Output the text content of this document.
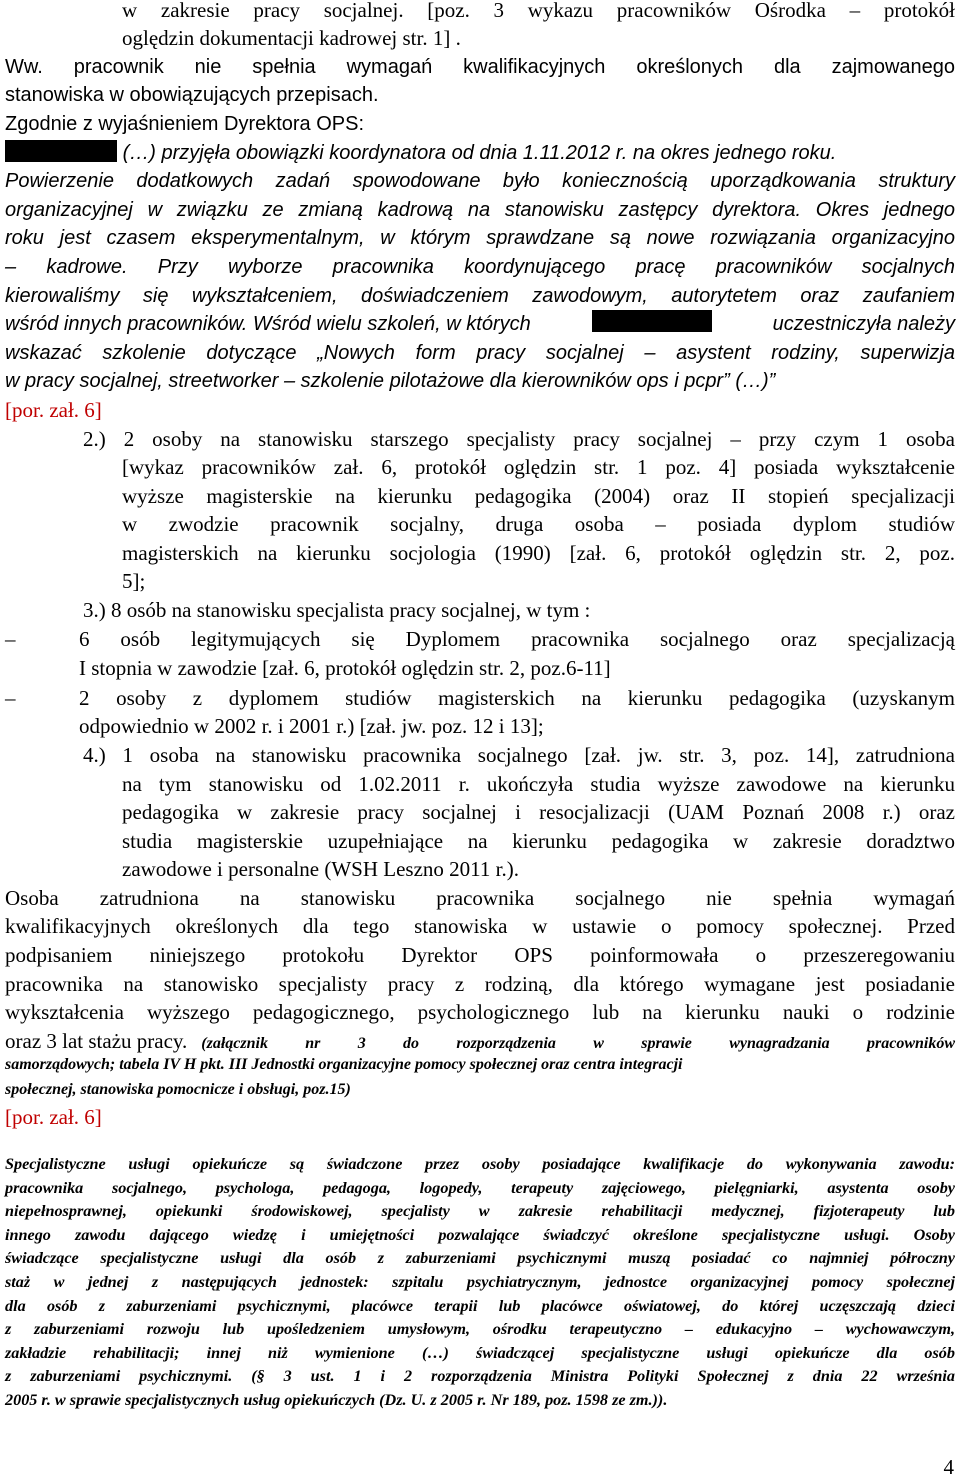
w zakresie pracy socjalnej. [poz. 3 wykazu pracowników Ośrodka – protokół
oględzin dokumentacji kadrowej str. 1] .
Ww. pracownik nie spełnia wymagań kwalifikacyjnych określonych dla zajmowanego
stanowiska w obowiązujących przepisach.
Zgodnie z wyjaśnieniem Dyrektora OPS:
(…) przyjęła obowiązki koordynatora od dnia 1.11.2012 r. na okres jednego roku.
Powierzenie dodatkowych zadań spowodowane było koniecznością uporządkowania struktury
organizacyjnej w związku ze zmianą kadrową na stanowisku zastępcy dyrektora. Okres jednego
roku jest czasem eksperymentalnym, w którym sprawdzane są nowe rozwiązania organizacyjno
– kadrowe. Przy wyborze pracownika koordynującego pracę pracowników socjalnych
kierowaliśmy się wykształceniem, doświadczeniem zawodowym, autorytetem oraz zaufaniem
wśród innych pracowników. Wśród wielu szkoleń, w których	uczestniczyła należy
wskazać szkolenie dotyczące „Nowych form pracy socjalnej – asystent rodziny, superwizja
w pracy socjalnej, streetworker – szkolenie pilotażowe dla kierowników ops i pcpr” (…)”
[por. zał. 6]
2.) 2 osoby na stanowisku starszego specjalisty pracy socjalnej – przy czym 1 osoba
[wykaz pracowników zał. 6, protokół oględzin str. 1 poz. 4] posiada wykształcenie
wyższe magisterskie na kierunku pedagogika (2004) oraz II stopień specjalizacji
w zwodzie pracownik socjalny, druga osoba – posiada dyplom studiów
magisterskich na kierunku socjologia (1990) [zał. 6, protokół oględzin str. 2, poz.
5];
3.) 8 osób na stanowisku specjalista pracy socjalnej, w tym :
–	6 osób legitymujących się Dyplomem pracownika socjalnego oraz specjalizacją
I stopnia w zawodzie [zał. 6, protokół oględzin str. 2, poz.6-11]
–	2 osoby z dyplomem studiów magisterskich na kierunku pedagogika (uzyskanym
odpowiednio w 2002 r. i 2001 r.) [zał. jw. poz. 12 i 13];
4.) 1 osoba na stanowisku pracownika socjalnego [zał. jw. str. 3, poz. 14], zatrudniona
na tym stanowisku od 1.02.2011 r. ukończyła studia wyższe zawodowe na kierunku
pedagogika w zakresie pracy socjalnej i resocjalizacji (UAM Poznań 2008 r.) oraz
studia magisterskie uzupełniające na kierunku pedagogika w zakresie doradztwo
zawodowe i personalne (WSH Leszno 2011 r.).
Osoba zatrudniona na stanowisku pracownika socjalnego nie spełnia wymagań
kwalifikacyjnych określonych dla tego stanowiska w ustawie o pomocy społecznej. Przed
podpisaniem niniejszego protokołu Dyrektor OPS poinformowała o przeszeregowaniu
pracownika na stanowisko specjalisty pracy z rodziną, dla którego wymagane jest posiadanie
wykształcenia wyższego pedagogicznego, psychologicznego lub na kierunku nauki o rodzinie
oraz 3 lat stażu pracy. (załącznik nr 3 do rozporządzenia w sprawie wynagradzania pracowników
samorządowych; tabela IV H pkt. III Jednostki organizacyjne pomocy społecznej oraz centra integracji
społecznej, stanowiska pomocnicze i obsługi, poz.15)
[por. zał. 6]
Specjalistyczne usługi opiekuńcze są świadczone przez osoby posiadające kwalifikacje do wykonywania zawodu:
pracownika socjalnego, psychologa, pedagoga, logopedy, terapeuty zajęciowego, pielęgniarki, asystenta osoby
niepełnosprawnej, opiekunki środowiskowej, specjalisty w zakresie rehabilitacji medycznej, fizjoterapeuty lub
innego zawodu dającego wiedzę i umiejętności pozwalające świadczyć określone specjalistyczne usługi. Osoby
świadczące specjalistyczne usługi dla osób z zaburzeniami psychicznymi muszą posiadać co najmniej półroczny
staż w jednej z następujących jednostek: szpitalu psychiatrycznym, jednostce organizacyjnej pomocy społecznej
dla osób z zaburzeniami psychicznymi, placówce terapii lub placówce oświatowej, do której uczęszczają dzieci
z zaburzeniami rozwoju lub upośledzeniem umysłowym, ośrodku terapeutyczno – edukacyjno – wychowawczym,
zakładzie rehabilitacji; innej niż wymienione (…) świadczącej specjalistyczne usługi opiekuńcze dla osób
z zaburzeniami psychicznymi. (§ 3 ust. 1 i 2 rozporządzenia Ministra Polityki Społecznej z dnia 22 września
2005 r. w sprawie specjalistycznych usług opiekuńczych (Dz. U. z 2005 r. Nr 189, poz. 1598 ze zm.)).
4
